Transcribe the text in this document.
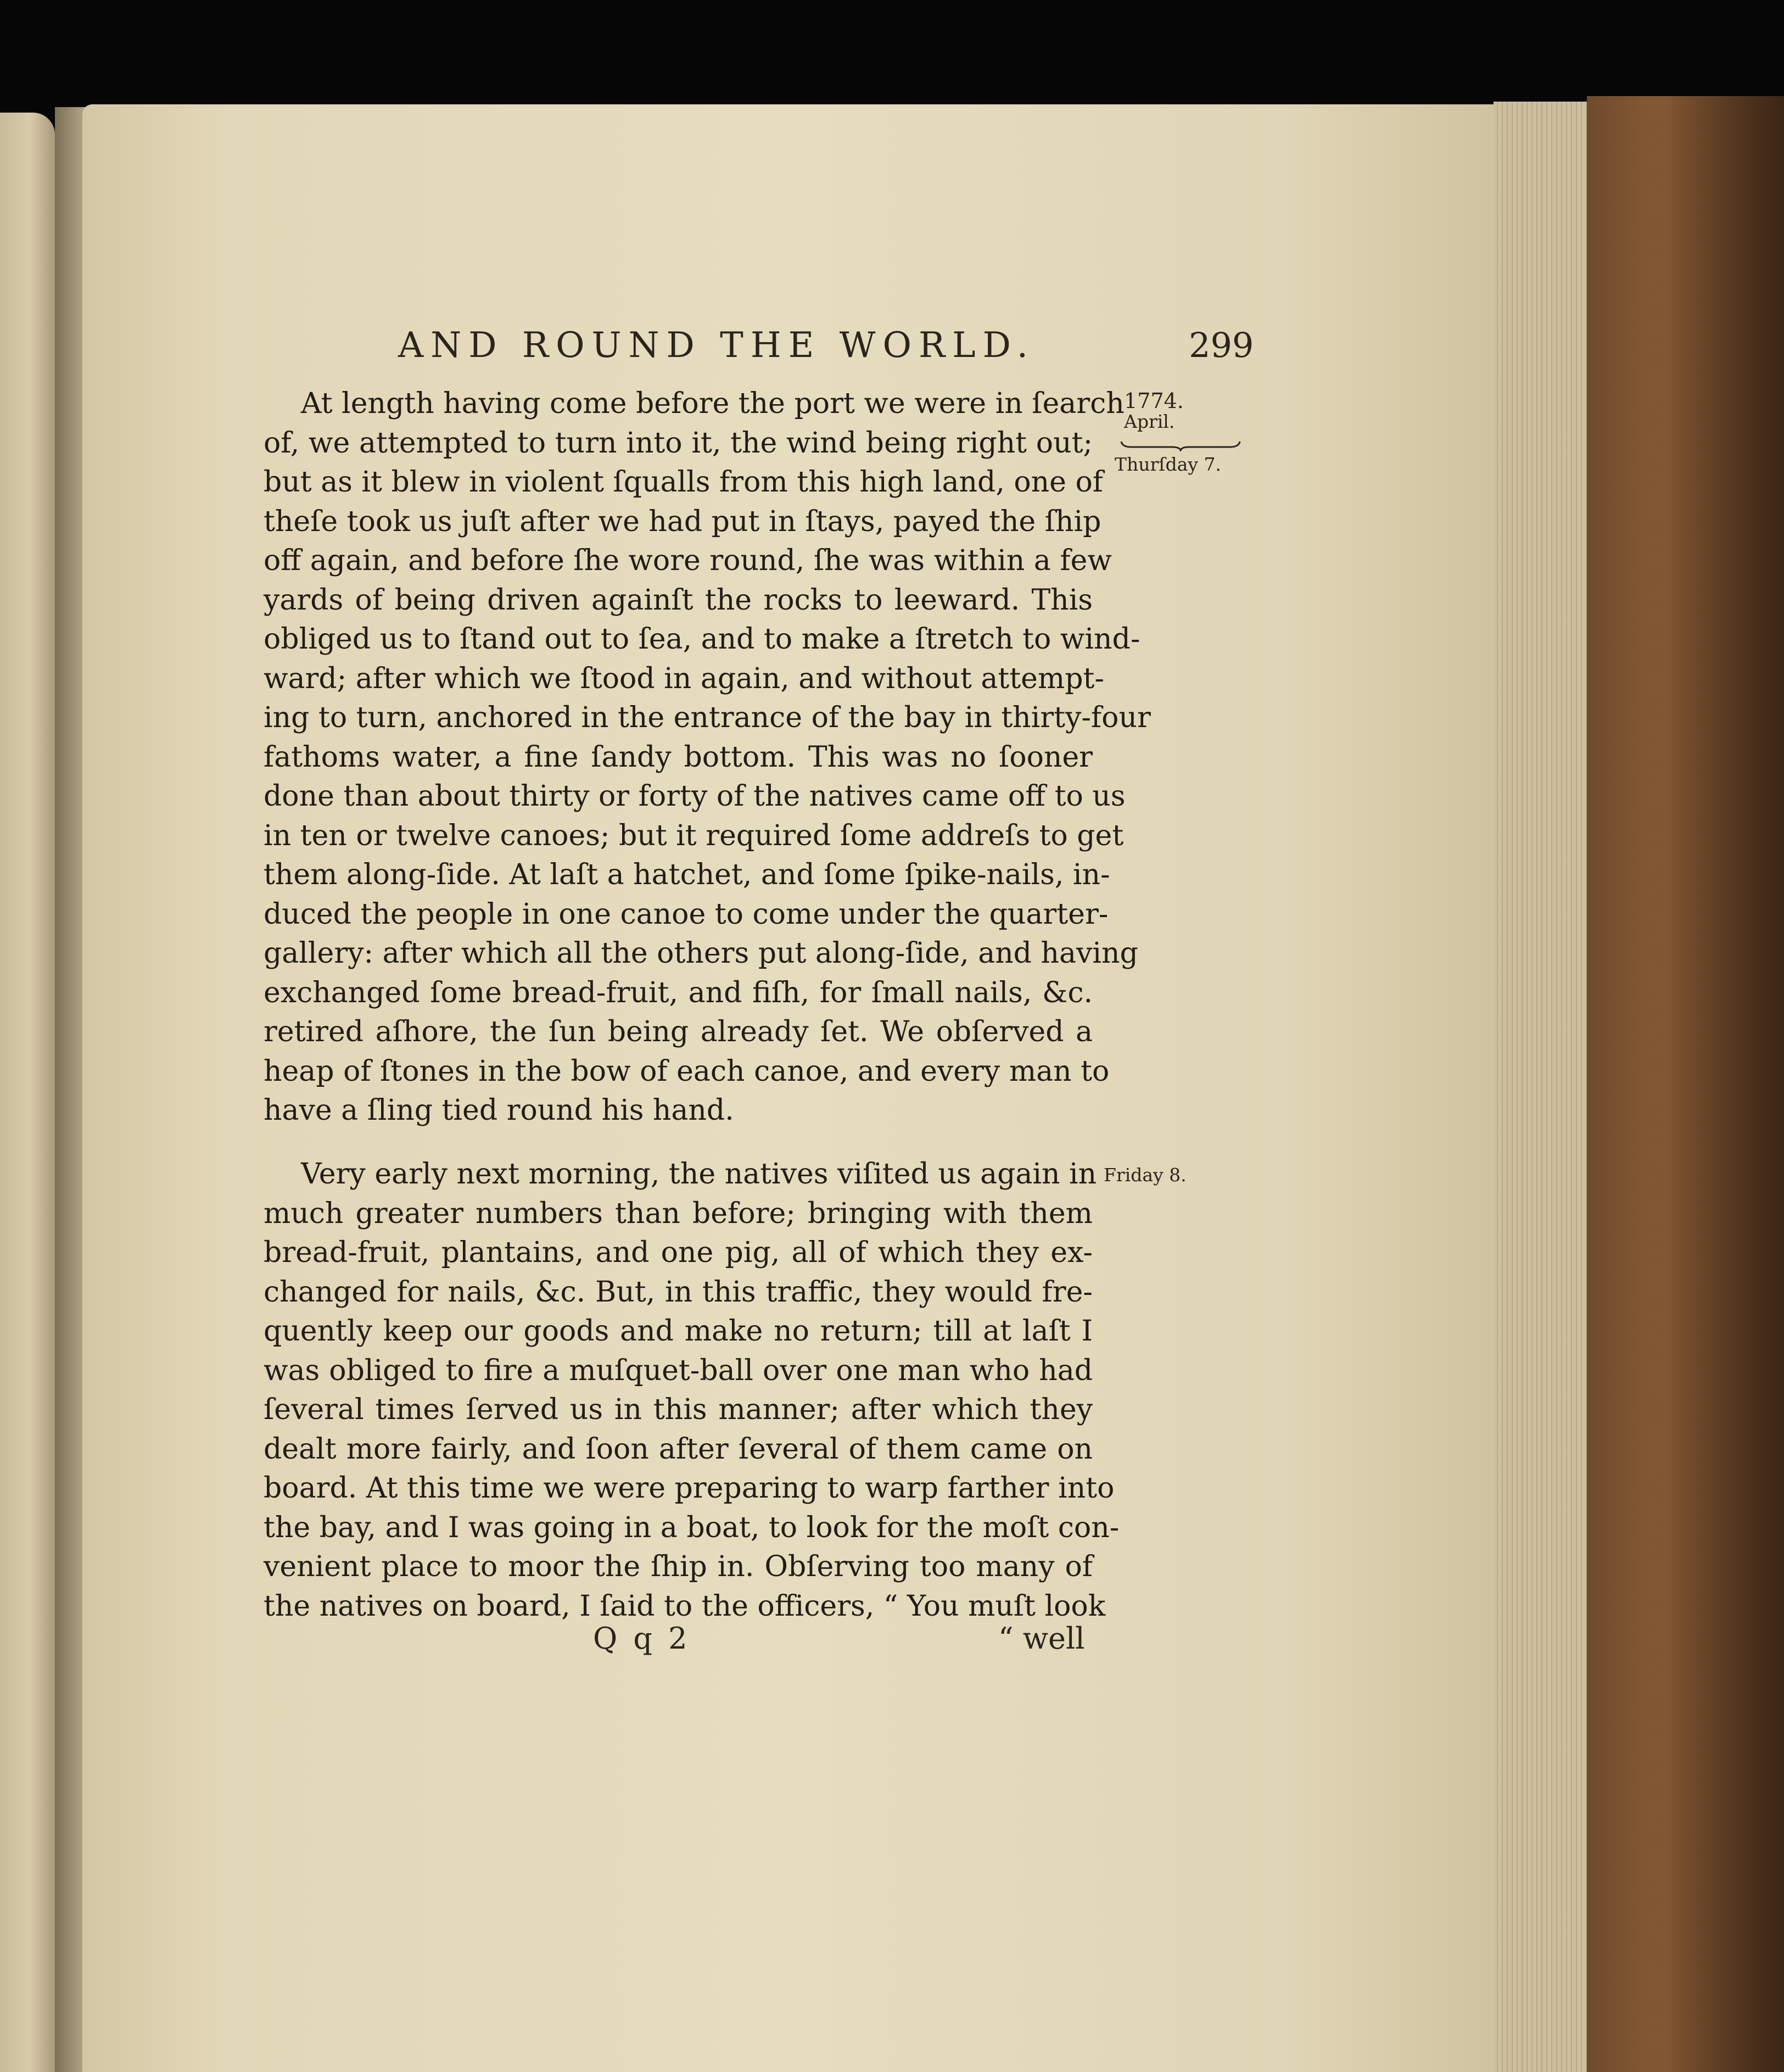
AND ROUND THE WORLD.	299
1774.
April.
Thurſday 7.
Friday 8.
At length having come before the port we were in ſearch
of, we attempted to turn into it, the wind being right out;
but as it blew in violent ſqualls from this high land, one of
theſe took us juſt after we had put in ſtays, payed the ſhip
off again, and before ſhe wore round, ſhe was within a few
yards of being driven againſt the rocks to leeward. This
obliged us to ſtand out to ſea, and to make a ſtretch to wind-
ward; after which we ſtood in again, and without attempt-
ing to turn, anchored in the entrance of the bay in thirty-four
fathoms water, a fine ſandy bottom. This was no ſooner
done than about thirty or forty of the natives came off to us
in ten or twelve canoes; but it required ſome addreſs to get
them along-ſide. At laſt a hatchet, and ſome ſpike-nails, in-
duced the people in one canoe to come under the quarter-
gallery: after which all the others put along-ſide, and having
exchanged ſome bread-fruit, and fiſh, for ſmall nails, &c.
retired aſhore, the ſun being already ſet. We obſerved a
heap of ſtones in the bow of each canoe, and every man to
have a ſling tied round his hand.
Very early next morning, the natives viſited us again in
much greater numbers than before; bringing with them
bread-fruit, plantains, and one pig, all of which they ex-
changed for nails, &c. But, in this traffic, they would fre-
quently keep our goods and make no return; till at laſt I
was obliged to fire a muſquet-ball over one man who had
ſeveral times ſerved us in this manner; after which they
dealt more fairly, and ſoon after ſeveral of them came on
board. At this time we were preparing to warp farther into
the bay, and I was going in a boat, to look for the moſt con-
venient place to moor the ſhip in. Obſerving too many of
the natives on board, I ſaid to the officers, “ You muſt look
Q q 2	“ well
